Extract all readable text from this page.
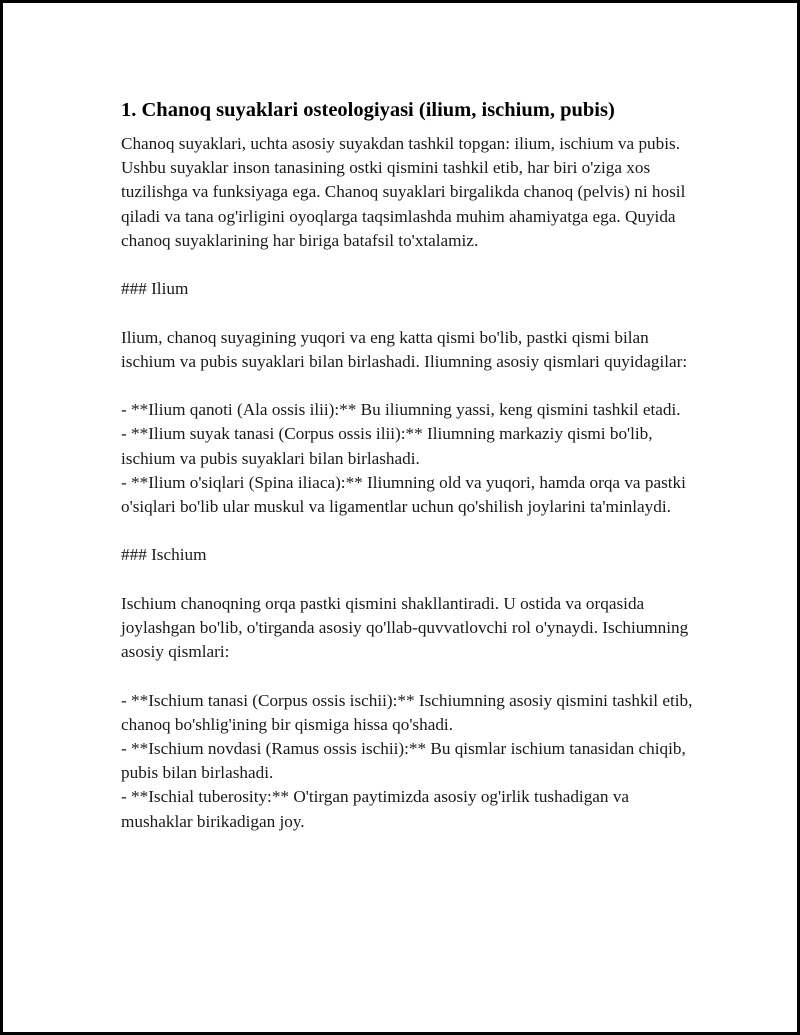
1. Chanoq suyaklari osteologiyasi (ilium, ischium, pubis)

Chanoq suyaklari, uchta asosiy suyakdan tashkil topgan: ilium, ischium va pubis. Ushbu suyaklar inson tanasining ostki qismini tashkil etib, har biri o'ziga xos tuzilishga va funksiyaga ega. Chanoq suyaklari birgalikda chanoq (pelvis) ni hosil qiladi va tana og'irligini oyoqlarga taqsimlashda muhim ahamiyatga ega. Quyida chanoq suyaklarining har biriga batafsil to'xtalamiz.

### Ilium

Ilium, chanoq suyagining yuqori va eng katta qismi bo'lib, pastki qismi bilan ischium va pubis suyaklari bilan birlashadi. Iliumning asosiy qismlari quyidagilar:

- **Ilium qanoti (Ala ossis ilii):** Bu iliumning yassi, keng qismini tashkil etadi.

- **Ilium suyak tanasi (Corpus ossis ilii):** Iliumning markaziy qismi bo'lib, ischium va pubis suyaklari bilan birlashadi.

- **Ilium o'siqlari (Spina iliaca):** Iliumning old va yuqori, hamda orqa va pastki o'siqlari bo'lib ular muskul va ligamentlar uchun qo'shilish joylarini ta'minlaydi.

### Ischium

Ischium chanoqning orqa pastki qismini shakllantiradi. U ostida va orqasida joylashgan bo'lib, o'tirganda asosiy qo'llab-quvvatlovchi rol o'ynaydi. Ischiumning asosiy qismlari:

- **Ischium tanasi (Corpus ossis ischii):** Ischiumning asosiy qismini tashkil etib, chanoq bo'shlig'ining bir qismiga hissa qo'shadi.

- **Ischium novdasi (Ramus ossis ischii):** Bu qismlar ischium tanasidan chiqib, pubis bilan birlashadi.

- **Ischial tuberosity:** O'tirgan paytimizda asosiy og'irlik tushadigan va mushaklar birikadigan joy.
